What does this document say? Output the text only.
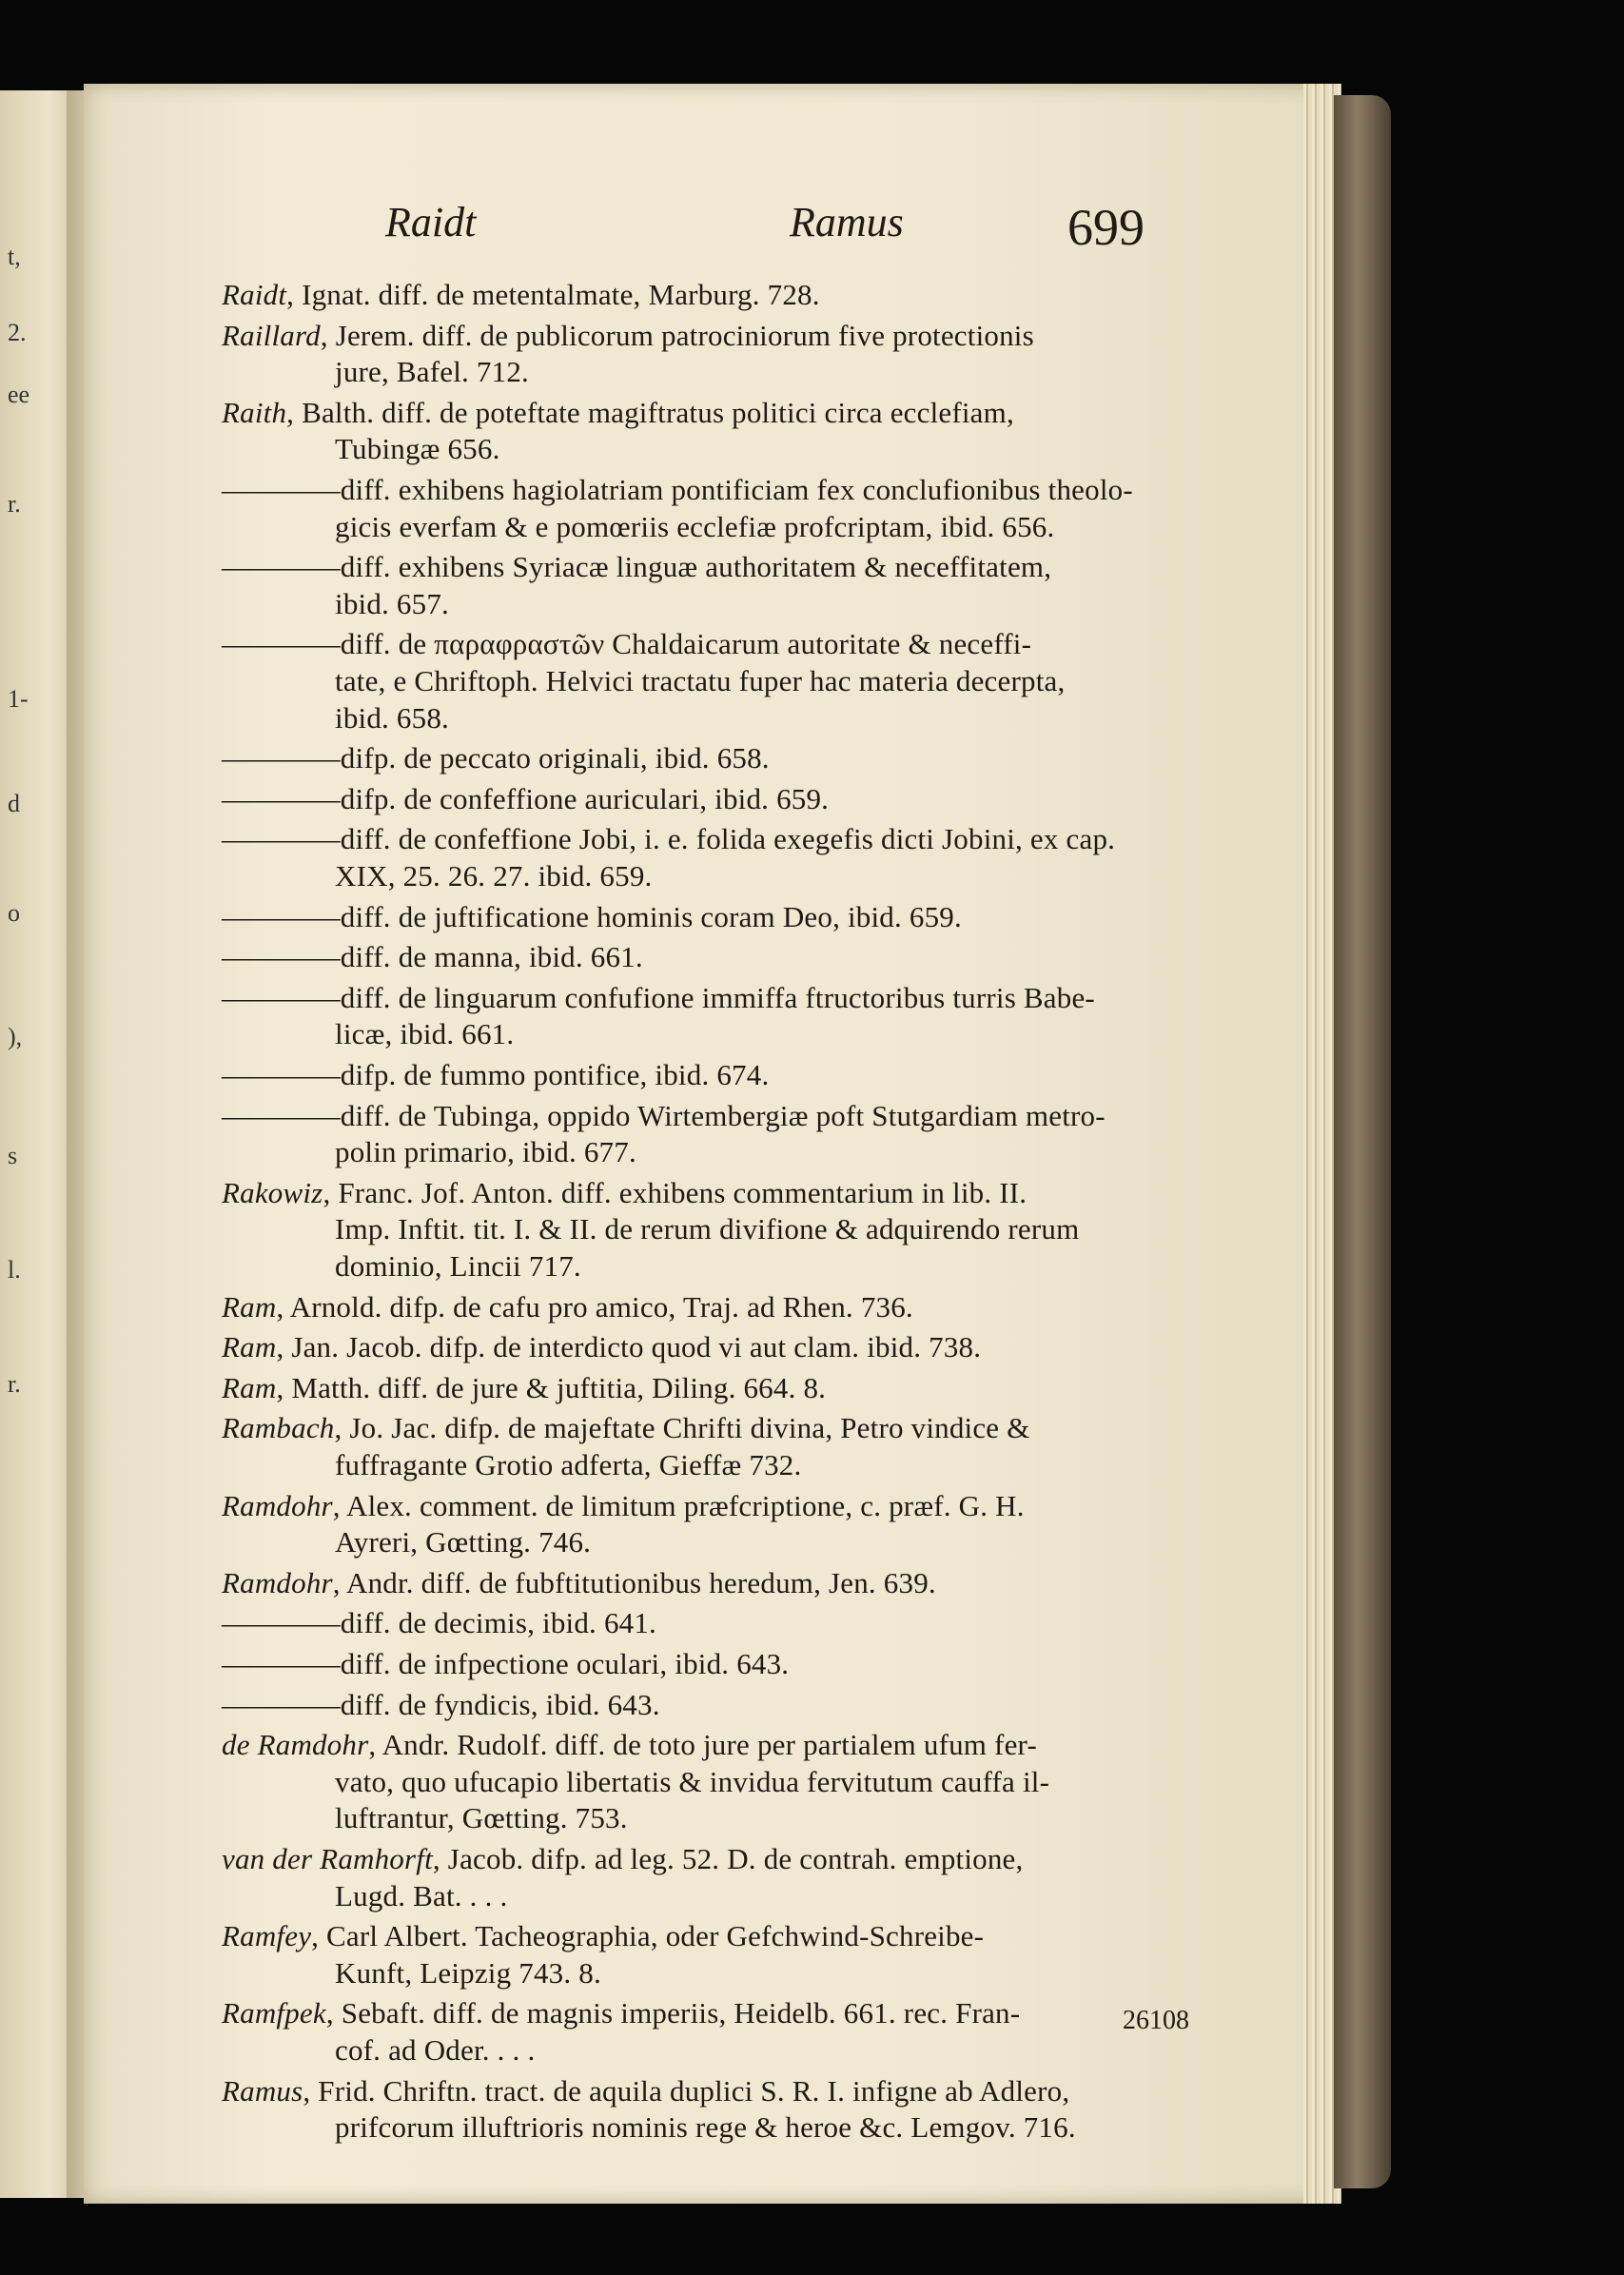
t,
2.
ee
r.
1-
d
o
),
s
l.
r.
Raidt	Ramus	699
Raidt, Ignat. diff. de metentalmate, Marburg. 728.
Raillard, Jerem. diff. de publicorum patrociniorum five protectionis
jure, Bafel. 712.
Raith, Balth. diff. de poteftate magiftratus politici circa ecclefiam,
Tubingæ 656.
————diff. exhibens hagiolatriam pontificiam fex conclufionibus theolo-
gicis everfam & e pomœriis ecclefiæ profcriptam, ibid. 656.
————diff. exhibens Syriacæ linguæ authoritatem & neceffitatem,
ibid. 657.
————diff. de παραφραστῶν Chaldaicarum autoritate & neceffi-
tate, e Chriftoph. Helvici tractatu fuper hac materia decerpta,
ibid. 658.
————difp. de peccato originali, ibid. 658.
————difp. de confeffione auriculari, ibid. 659.
————diff. de confeffione Jobi, i. e. folida exegefis dicti Jobini, ex cap.
XIX, 25. 26. 27. ibid. 659.
————diff. de juftificatione hominis coram Deo, ibid. 659.
————diff. de manna, ibid. 661.
————diff. de linguarum confufione immiffa ftructoribus turris Babe-
licæ, ibid. 661.
————difp. de fummo pontifice, ibid. 674.
————diff. de Tubinga, oppido Wirtembergiæ poft Stutgardiam metro-
polin primario, ibid. 677.
Rakowiz, Franc. Jof. Anton. diff. exhibens commentarium in lib. II.
Imp. Inftit. tit. I. & II. de rerum divifione & adquirendo rerum
dominio, Lincii 717.
Ram, Arnold. difp. de cafu pro amico, Traj. ad Rhen. 736.
Ram, Jan. Jacob. difp. de interdicto quod vi aut clam. ibid. 738.
Ram, Matth. diff. de jure & juftitia, Diling. 664. 8.
Rambach, Jo. Jac. difp. de majeftate Chrifti divina, Petro vindice &
fuffragante Grotio adferta, Gieffæ 732.
Ramdohr, Alex. comment. de limitum præfcriptione, c. præf. G. H.
Ayreri, Gœtting. 746.
Ramdohr, Andr. diff. de fubftitutionibus heredum, Jen. 639.
————diff. de decimis, ibid. 641.
————diff. de infpectione oculari, ibid. 643.
————diff. de fyndicis, ibid. 643.
de Ramdohr, Andr. Rudolf. diff. de toto jure per partialem ufum fer-
vato, quo ufucapio libertatis & invidua fervitutum cauffa il-
luftrantur, Gœtting. 753.
van der Ramhorft, Jacob. difp. ad leg. 52. D. de contrah. emptione,
Lugd. Bat. . . .
Ramfey, Carl Albert. Tacheographia, oder Gefchwind-Schreibe-
Kunft, Leipzig 743. 8.
Ramfpek, Sebaft. diff. de magnis imperiis, Heidelb. 661. rec. Fran-
cof. ad Oder. . . .
Ramus, Frid. Chriftn. tract. de aquila duplici S. R. I. infigne ab Adlero,
prifcorum illuftrioris nominis rege & heroe &c. Lemgov. 716.
26108
